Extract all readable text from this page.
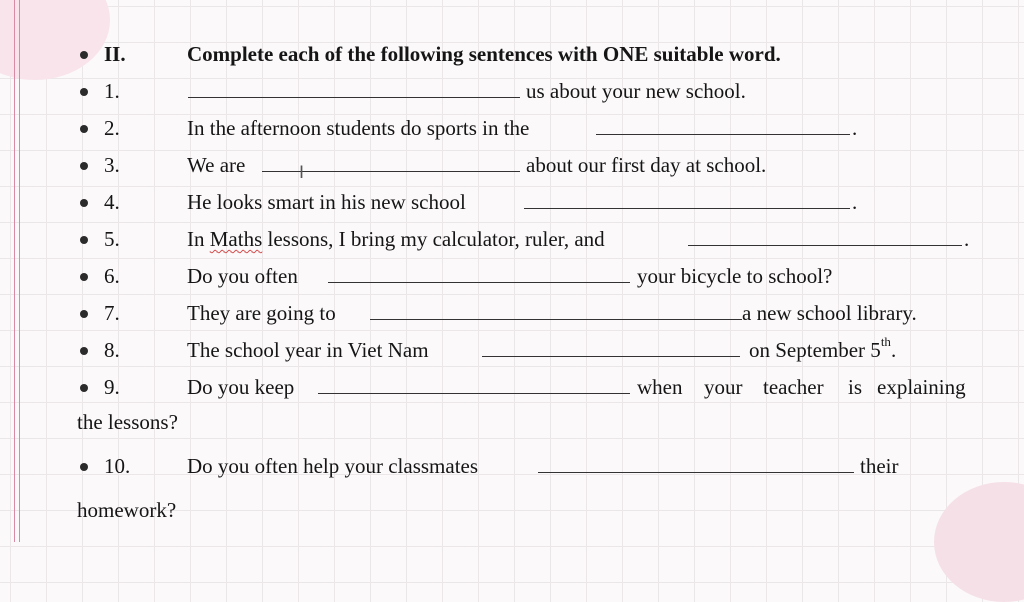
II.	Complete each of the following sentences with ONE suitable word.
1.	us about your new school.
2.	In the afternoon students do sports in the	.
3.	We are	I	about our first day at school.
4.	He looks smart in his new school	.
5.	In Maths lessons, I bring my calculator, ruler, and	.
6.	Do you often	your bicycle to school?
7.	They are going to	a new school library.
8.	The school year in Viet Nam	on September 5th.
9.	Do you keep	when your teacher is explaining
the lessons?
10.	Do you often help your classmates	their
homework?
